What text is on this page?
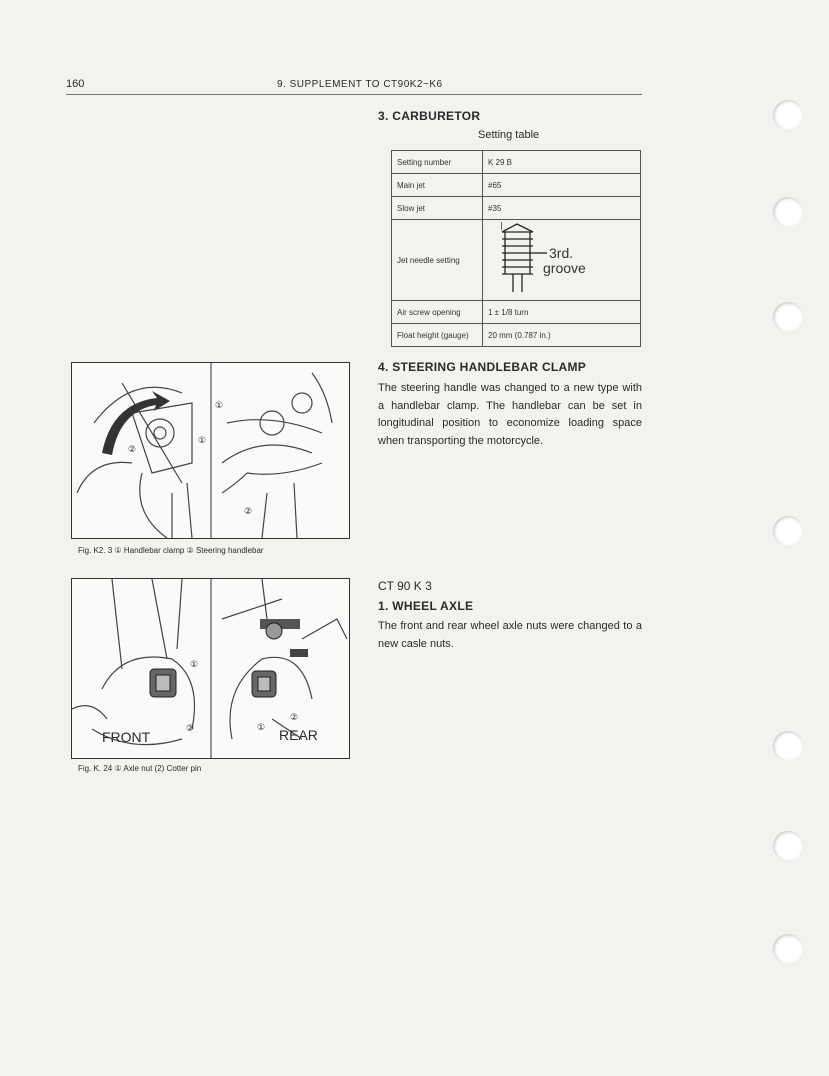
160	9. SUPPLEMENT TO CT90K2~K6
3. CARBURETOR
Setting table
Setting number	K 29 B
Main jet	#65
Slow jet	#35
Jet needle setting	3rd.
groove

Air screw opening	1 ± 1/8 turn
Float height (gauge)	20 mm (0.787 in.)
4. STEERING HANDLEBAR CLAMP
The steering handle was changed to a new type with a handlebar clamp. The handlebar can be set in longitudinal position to economize loading space when transporting the motorcycle.
②
①
①
②
Fig. K2. 3 ① Handlebar clamp ② Steering handlebar
CT 90 K 3
1. WHEEL AXLE
The front and rear wheel axle nuts were changed to a new casle nuts.
①
②	①
②
FRONT	REAR
Fig. K. 24 ① Axle nut (2) Cotter pin
